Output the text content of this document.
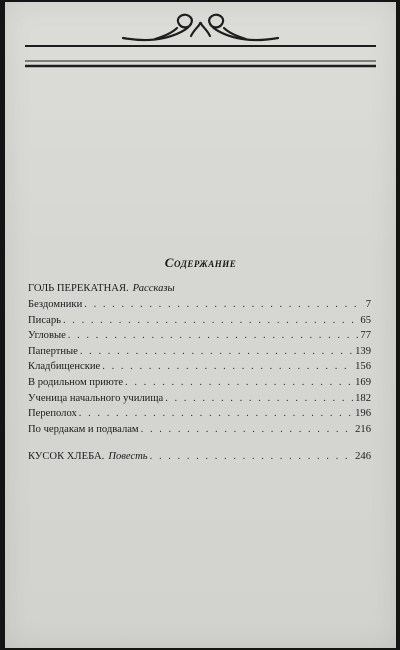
Содержание
ГОЛЬ ПЕРЕКАТНАЯ. Рассказы
Бездомники . . .	7
Писарь . . .	65
Угловые . . .	77
Папертные . . .	139
Кладбищенские . . .	156
В родильном приюте . . .	169
Ученица начального училища . . .	182
Переполох . . .	196
По чердакам и подвалам . . .	216
КУСОК ХЛЕБА. Повесть . . .	246
